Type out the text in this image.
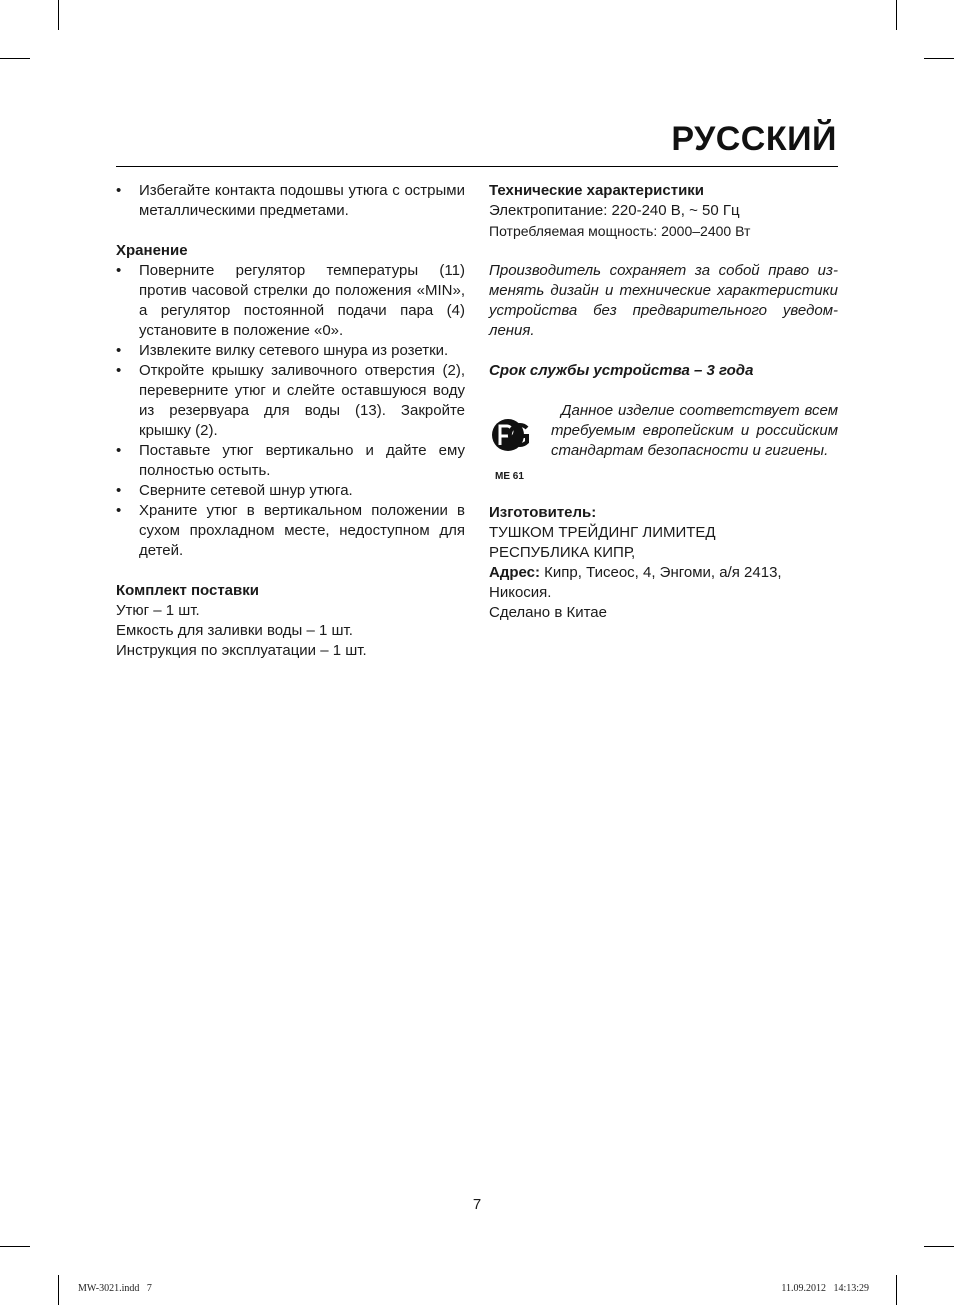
РУССКИЙ
• Избегайте контакта подошвы утюга с острыми металлическими предметами.
Хранение
• Поверните регулятор температуры (11) против часовой стрелки до положения «MIN», а регулятор постоянной подачи пара (4) установите в положение «0».
• Извлеките вилку сетевого шнура из розетки.
• Откройте крышку заливочного отверстия (2), переверните утюг и слейте оставшуюся воду из резервуара для воды (13). Закройте крышку (2).
• Поставьте утюг вертикально и дайте ему полностью остыть.
• Сверните сетевой шнур утюга.
• Храните утюг в вертикальном положении в сухом прохладном месте, недоступном для детей.
Комплект поставки
Утюг – 1 шт.
Емкость для заливки воды – 1 шт.
Инструкция по эксплуатации – 1 шт.
Технические характеристики
Электропитание: 220-240 В, ~ 50 Гц
Потребляемая мощность: 2000–2400 Вт
Производитель сохраняет за собой право изменять дизайн и технические характеристики устройства без предварительного уведомления.
Срок службы устройства – 3 года
ME 61
Данное изделие соответствует всем требуемым европейским и российским стандартам безопасности и гигиены.
Изготовитель:
ТУШКОМ ТРЕЙДИНГ ЛИМИТЕД
РЕСПУБЛИКА КИПР,
Адрес: Кипр, Тисеос, 4, Энгоми, а/я 2413,
Никосия.
Сделано в Китае
7
MW-3021.indd   7	11.09.2012   14:13:29
